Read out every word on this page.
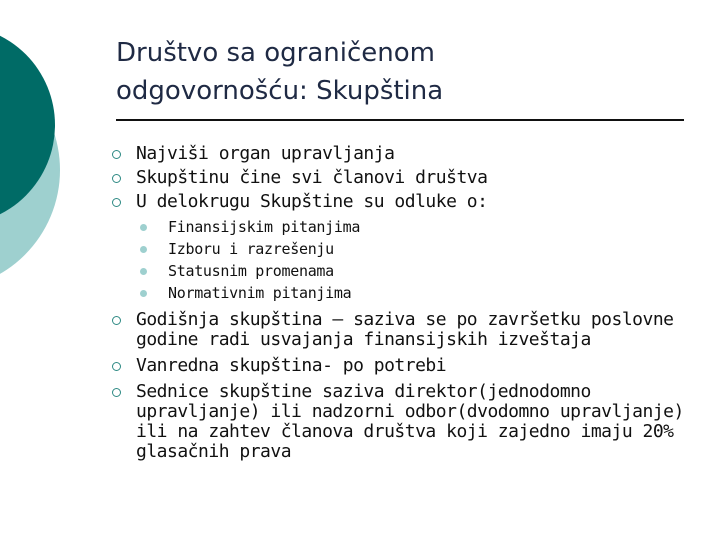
Društvo sa ograničenom
odgovornošću: Skupština
Najviši organ upravljanja
Skupštinu čine svi članovi društva
U delokrugu Skupštine su odluke o:
Finansijskim pitanjima
Izboru i razrešenju
Statusnim promenama
Normativnim pitanjima
Godišnja skupština – saziva se po završetku poslovne godine radi usvajanja finansijskih izveštaja
Vanredna skupština- po potrebi
Sednice skupštine saziva direktor(jednodomno upravljanje) ili nadzorni odbor(dvodomno upravljanje) ili na zahtev članova društva koji zajedno imaju 20% glasačnih prava
